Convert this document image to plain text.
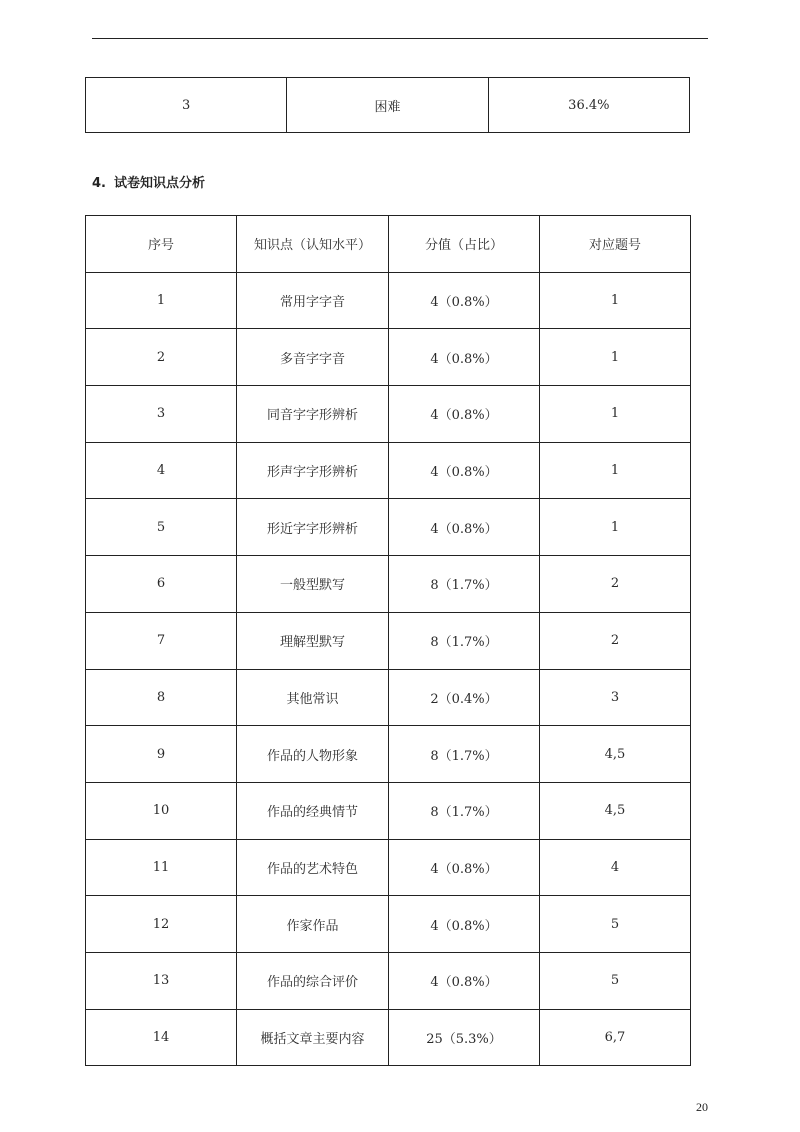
3	困难	36.4%
4. 试卷知识点分析
序号	知识点（认知水平）	分值（占比）	对应题号
1	常用字字音	4（0.8%）	1
2	多音字字音	4（0.8%）	1
3	同音字字形辨析	4（0.8%）	1
4	形声字字形辨析	4（0.8%）	1
5	形近字字形辨析	4（0.8%）	1
6	一般型默写	8（1.7%）	2
7	理解型默写	8（1.7%）	2
8	其他常识	2（0.4%）	3
9	作品的人物形象	8（1.7%）	4,5
10	作品的经典情节	8（1.7%）	4,5
11	作品的艺术特色	4（0.8%）	4
12	作家作品	4（0.8%）	5
13	作品的综合评价	4（0.8%）	5
14	概括文章主要内容	25（5.3%）	6,7
20
